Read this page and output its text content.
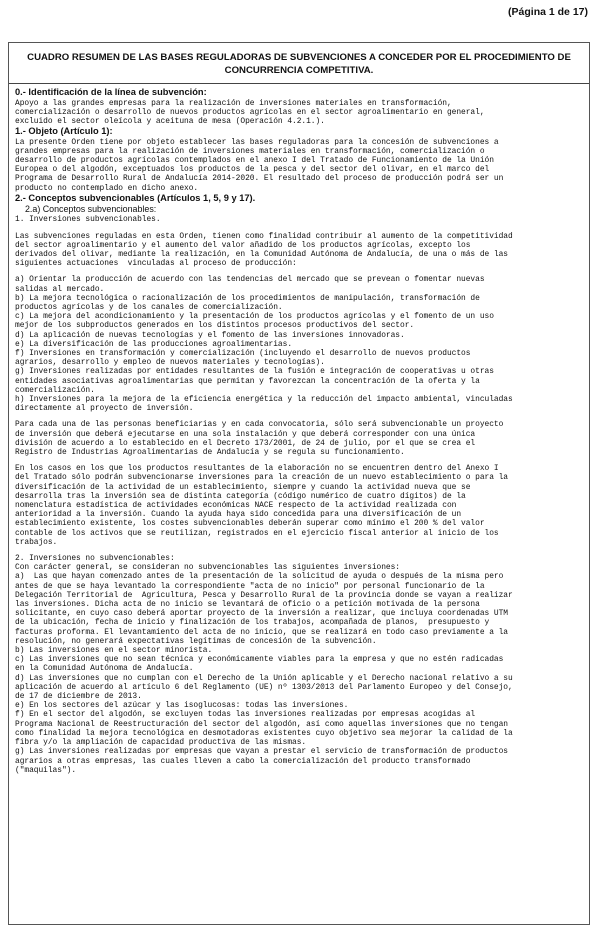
(Página 1 de 17)
CUADRO RESUMEN DE LAS BASES REGULADORAS DE SUBVENCIONES A CONCEDER POR EL PROCEDIMIENTO DE CONCURRENCIA COMPETITIVA.
0.- Identificación de la línea de subvención:
Apoyo a las grandes empresas para la realización de inversiones materiales en transformación,
comercialización o desarrollo de nuevos productos agrícolas en el sector agroalimentario en general,
excluido el sector oleícola y aceituna de mesa (Operación 4.2.1.).
1.- Objeto (Artículo 1):
La presente Orden tiene por objeto establecer las bases reguladoras para la concesión de subvenciones a
grandes empresas para la realización de inversiones materiales en transformación, comercialización o
desarrollo de productos agrícolas contemplados en el anexo I del Tratado de Funcionamiento de la Unión
Europea o del algodón, exceptuados los productos de la pesca y del sector del olivar, en el marco del
Programa de Desarrollo Rural de Andalucía 2014-2020. El resultado del proceso de producción podrá ser un
producto no contemplado en dicho anexo.
2.- Conceptos subvencionables (Artículos 1, 5, 9 y 17).
2.a) Conceptos subvencionables:
1. Inversiones subvencionables.
Las subvenciones reguladas en esta Orden, tienen como finalidad contribuir al aumento de la competitividad
del sector agroalimentario y el aumento del valor añadido de los productos agrícolas, excepto los
derivados del olivar, mediante la realización, en la Comunidad Autónoma de Andalucía, de una o más de las
siguientes actuaciones  vinculadas al proceso de producción:
a) Orientar la producción de acuerdo con las tendencias del mercado que se prevean o fomentar nuevas
salidas al mercado.
b) La mejora tecnológica o racionalización de los procedimientos de manipulación, transformación de
productos agrícolas y de los canales de comercialización.
c) La mejora del acondicionamiento y la presentación de los productos agrícolas y el fomento de un uso
mejor de los subproductos generados en los distintos procesos productivos del sector.
d) La aplicación de nuevas tecnologías y el fomento de las inversiones innovadoras.
e) La diversificación de las producciones agroalimentarias.
f) Inversiones en transformación y comercialización (incluyendo el desarrollo de nuevos productos
agrarios, desarrollo y empleo de nuevos materiales y tecnologías).
g) Inversiones realizadas por entidades resultantes de la fusión e integración de cooperativas u otras
entidades asociativas agroalimentarias que permitan y favorezcan la concentración de la oferta y la
comercialización.
h) Inversiones para la mejora de la eficiencia energética y la reducción del impacto ambiental, vinculadas
directamente al proyecto de inversión.
Para cada una de las personas beneficiarias y en cada convocatoria, sólo será subvencionable un proyecto
de inversión que deberá ejecutarse en una sola instalación y que deberá corresponder con una única
división de acuerdo a lo establecido en el Decreto 173/2001, de 24 de julio, por el que se crea el
Registro de Industrias Agroalimentarias de Andalucía y se regula su funcionamiento.
En los casos en los que los productos resultantes de la elaboración no se encuentren dentro del Anexo I
del Tratado sólo podrán subvencionarse inversiones para la creación de un nuevo establecimiento o para la
diversificación de la actividad de un establecimiento, siempre y cuando la actividad nueva que se
desarrolla tras la inversión sea de distinta categoría (código numérico de cuatro dígitos) de la
nomenclatura estadística de actividades económicas NACE respecto de la actividad realizada con
anterioridad a la inversión. Cuando la ayuda haya sido concedida para una diversificación de un
establecimiento existente, los costes subvencionables deberán superar como mínimo el 200 % del valor
contable de los activos que se reutilizan, registrados en el ejercicio fiscal anterior al inicio de los
trabajos.
2. Inversiones no subvencionables:
Con carácter general, se consideran no subvencionables las siguientes inversiones:
a)  Las que hayan comenzado antes de la presentación de la solicitud de ayuda o después de la misma pero
antes de que se haya levantado la correspondiente "acta de no inicio" por personal funcionario de la
Delegación Territorial de  Agricultura, Pesca y Desarrollo Rural de la provincia donde se vayan a realizar
las inversiones. Dicha acta de no inicio se levantará de oficio o a petición motivada de la persona
solicitante, en cuyo caso deberá aportar proyecto de la inversión a realizar, que incluya coordenadas UTM
de la ubicación, fecha de inicio y finalización de los trabajos, acompañada de planos,  presupuesto y
facturas proforma. El levantamiento del acta de no inicio, que se realizará en todo caso previamente a la
resolución, no generará expectativas legítimas de concesión de la subvención.
b) Las inversiones en el sector minorista.
c) Las inversiones que no sean técnica y económicamente viables para la empresa y que no estén radicadas
en la Comunidad Autónoma de Andalucía.
d) Las inversiones que no cumplan con el Derecho de la Unión aplicable y el Derecho nacional relativo a su
aplicación de acuerdo al artículo 6 del Reglamento (UE) nº 1303/2013 del Parlamento Europeo y del Consejo,
de 17 de diciembre de 2013.
e) En los sectores del azúcar y las isoglucosas: todas las inversiones.
f) En el sector del algodón, se excluyen todas las inversiones realizadas por empresas acogidas al
Programa Nacional de Reestructuración del sector del algodón, así como aquellas inversiones que no tengan
como finalidad la mejora tecnológica en desmotadoras existentes cuyo objetivo sea mejorar la calidad de la
fibra y/o la ampliación de capacidad productiva de las mismas.
g) Las inversiones realizadas por empresas que vayan a prestar el servicio de transformación de productos
agrarios a otras empresas, las cuales lleven a cabo la comercialización del producto transformado
("maquilas").
